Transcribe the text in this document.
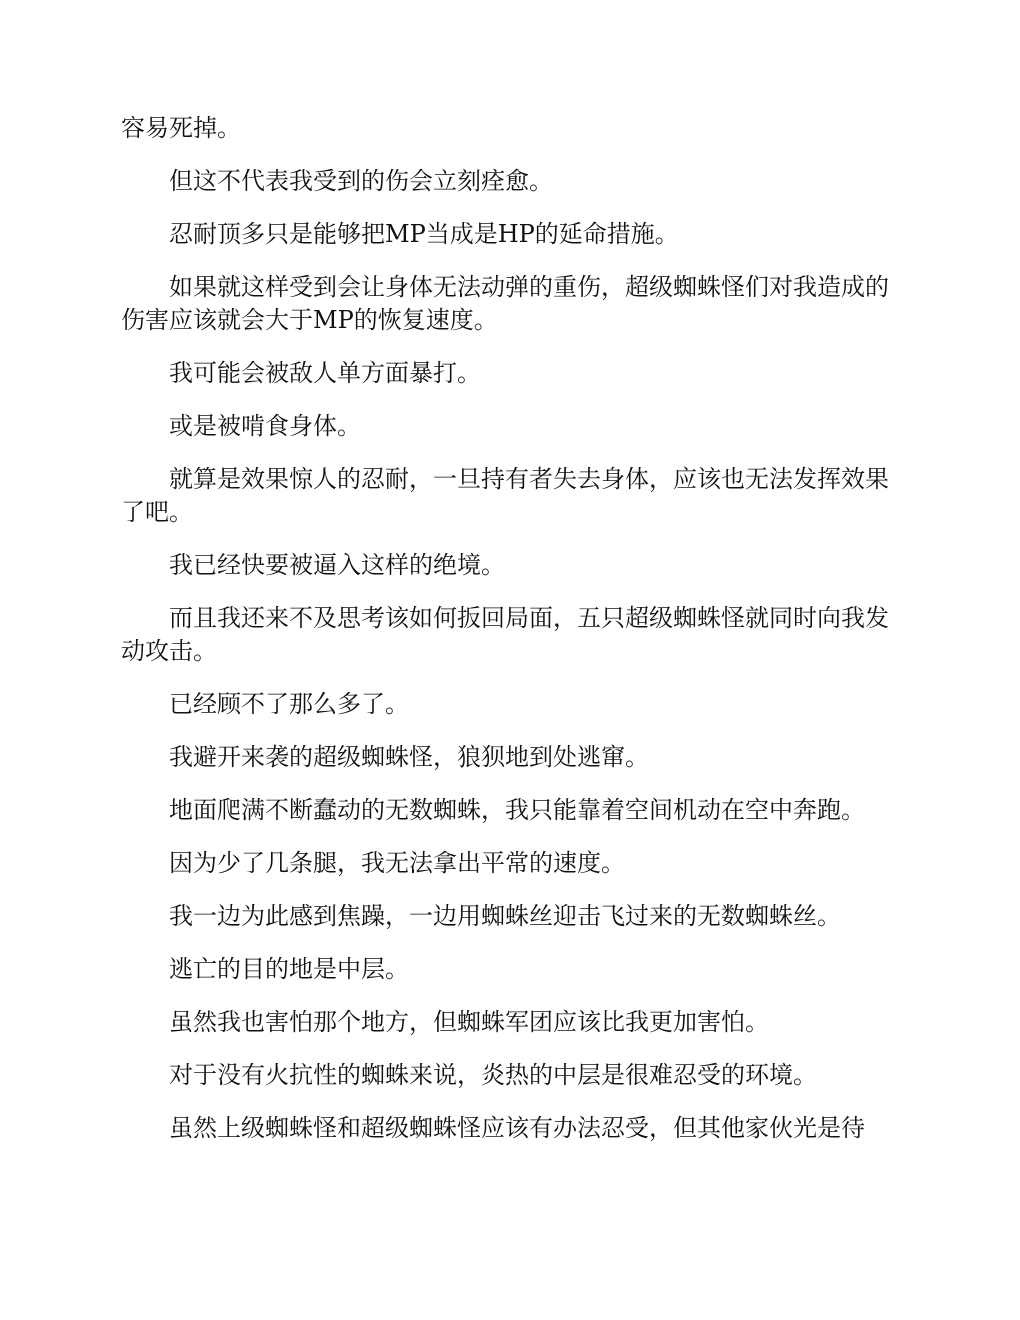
容易死掉。

但这不代表我受到的伤会立刻痊愈。

忍耐顶多只是能够把MP当成是HP的延命措施。

如果就这样受到会让身体无法动弹的重伤，超级蜘蛛怪们对我造成的伤害应该就会大于MP的恢复速度。

我可能会被敌人单方面暴打。

或是被啃食身体。

就算是效果惊人的忍耐，一旦持有者失去身体，应该也无法发挥效果了吧。

我已经快要被逼入这样的绝境。

而且我还来不及思考该如何扳回局面，五只超级蜘蛛怪就同时向我发动攻击。

已经顾不了那么多了。

我避开来袭的超级蜘蛛怪，狼狈地到处逃窜。

地面爬满不断蠢动的无数蜘蛛，我只能靠着空间机动在空中奔跑。

因为少了几条腿，我无法拿出平常的速度。

我一边为此感到焦躁，一边用蜘蛛丝迎击飞过来的无数蜘蛛丝。

逃亡的目的地是中层。

虽然我也害怕那个地方，但蜘蛛军团应该比我更加害怕。

对于没有火抗性的蜘蛛来说，炎热的中层是很难忍受的环境。

虽然上级蜘蛛怪和超级蜘蛛怪应该有办法忍受，但其他家伙光是待
